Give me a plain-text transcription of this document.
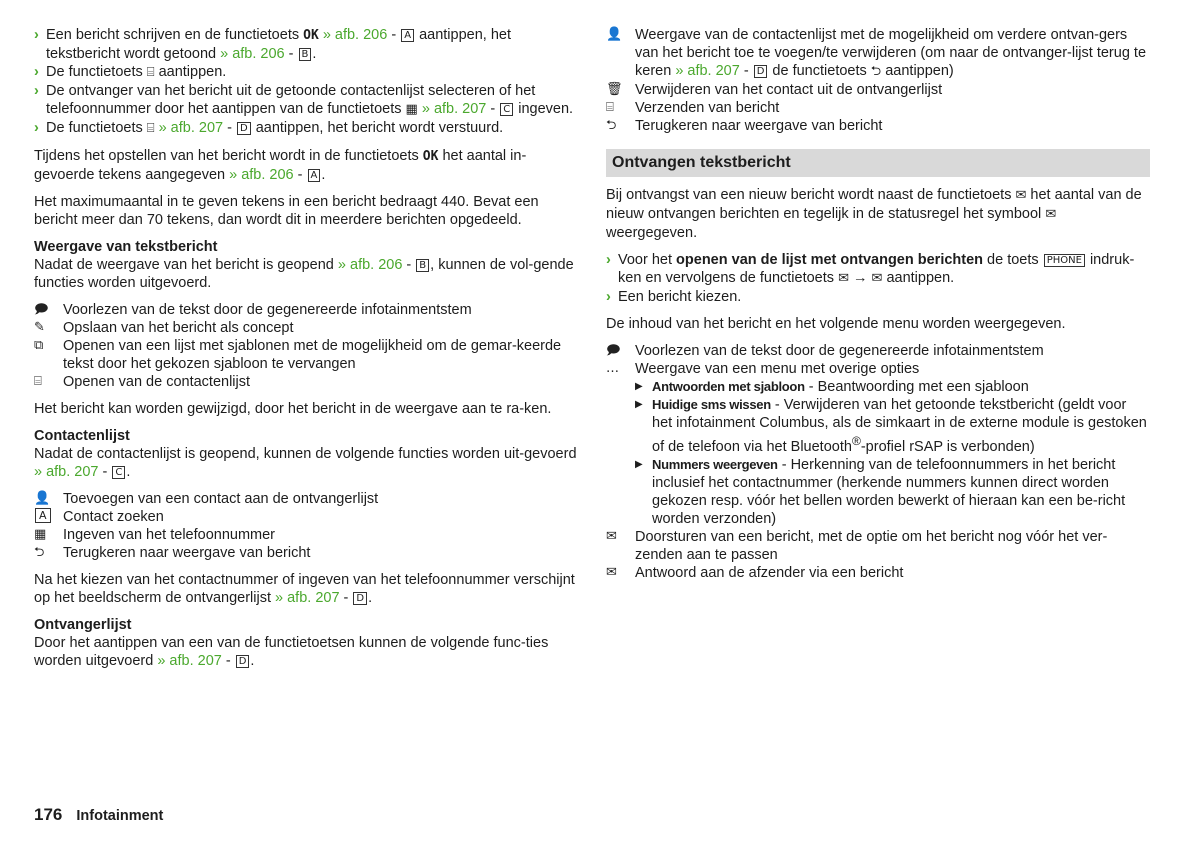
› Een bericht schrijven en de functietoets OK » afb. 206 - A aantippen, het tekstbericht wordt getoond » afb. 206 - B .

› De functietoets ⌸ aantippen.

› De ontvanger van het bericht uit de getoonde contactenlijst selecteren of het telefoonnummer door het aantippen van de functietoets ▦ » afb. 207 - C ingeven.

› De functietoets ⌸ » afb. 207 - D aantippen, het bericht wordt verstuurd.

Tijdens het opstellen van het bericht wordt in de functietoets OK het aantal in-gevoerde tekens aangegeven » afb. 206 - A .

Het maximumaantal in te geven tekens in een bericht bedraagt 440. Bevat een bericht meer dan 70 tekens, dan wordt dit in meerdere berichten opgedeeld.

Weergave van tekstbericht

Nadat de weergave van het bericht is geopend » afb. 206 - B , kunnen de vol-gende functies worden uitgevoerd.

🗩	Voorlezen van de tekst door de gegenereerde infotainmentstem

✎	Opslaan van het bericht als concept

⧉	Openen van een lijst met sjablonen met de mogelijkheid om de gemar-keerde tekst door het gekozen sjabloon te vervangen

⌸	Openen van de contactenlijst

Het bericht kan worden gewijzigd, door het bericht in de weergave aan te ra-ken.

Contactenlijst

Nadat de contactenlijst is geopend, kunnen de volgende functies worden uit-gevoerd » afb. 207 - C .

👤 Toevoegen van een contact aan de ontvangerlijst

A	Contact zoeken

▦	Ingeven van het telefoonnummer

⮌	Terugkeren naar weergave van bericht

Na het kiezen van het contactnummer of ingeven van het telefoonnummer verschijnt op het beeldscherm de ontvangerlijst » afb. 207 - D .

Ontvangerlijst

Door het aantippen van een van de functietoetsen kunnen de volgende func-ties worden uitgevoerd » afb. 207 - D .

👤 Weergave van de contactenlijst met de mogelijkheid om verdere ontvan-gers van het bericht toe te voegen/te verwijderen (om naar de ontvanger-lijst terug te keren » afb. 207 - D de functietoets ⮌ aantippen)

🗑 Verwijderen van het contact uit de ontvangerlijst

⌸	Verzenden van bericht

⮌	Terugkeren naar weergave van bericht

Ontvangen tekstbericht

Bij ontvangst van een nieuw bericht wordt naast de functietoets ✉ het aantal van de nieuw ontvangen berichten en tegelijk in de statusregel het symbool ✉ weergegeven.

› Voor het openen van de lijst met ontvangen berichten de toets PHONE indruk-ken en vervolgens de functietoets ✉ → ✉ aantippen.

› Een bericht kiezen.

De inhoud van het bericht en het volgende menu worden weergegeven.

🗩	Voorlezen van de tekst door de gegenereerde infotainmentstem

…	Weergave van een menu met overige opties

▶ Antwoorden met sjabloon - Beantwoording met een sjabloon

▶ Huidige sms wissen - Verwijderen van het getoonde tekstbericht (geldt voor het infotainment Columbus, als de simkaart in de externe module is gestoken of de telefoon via het Bluetooth®-profiel rSAP is verbonden)

▶ Nummers weergeven - Herkenning van de telefoonnummers in het bericht inclusief het contactnummer (herkende nummers kunnen direct worden gekozen resp. vóór het bellen worden bewerkt of hieraan kan een be-richt worden verzonden)

✉	Doorsturen van een bericht, met de optie om het bericht nog vóór het ver-zenden aan te passen

✉	Antwoord aan de afzender via een bericht

176 Infotainment
